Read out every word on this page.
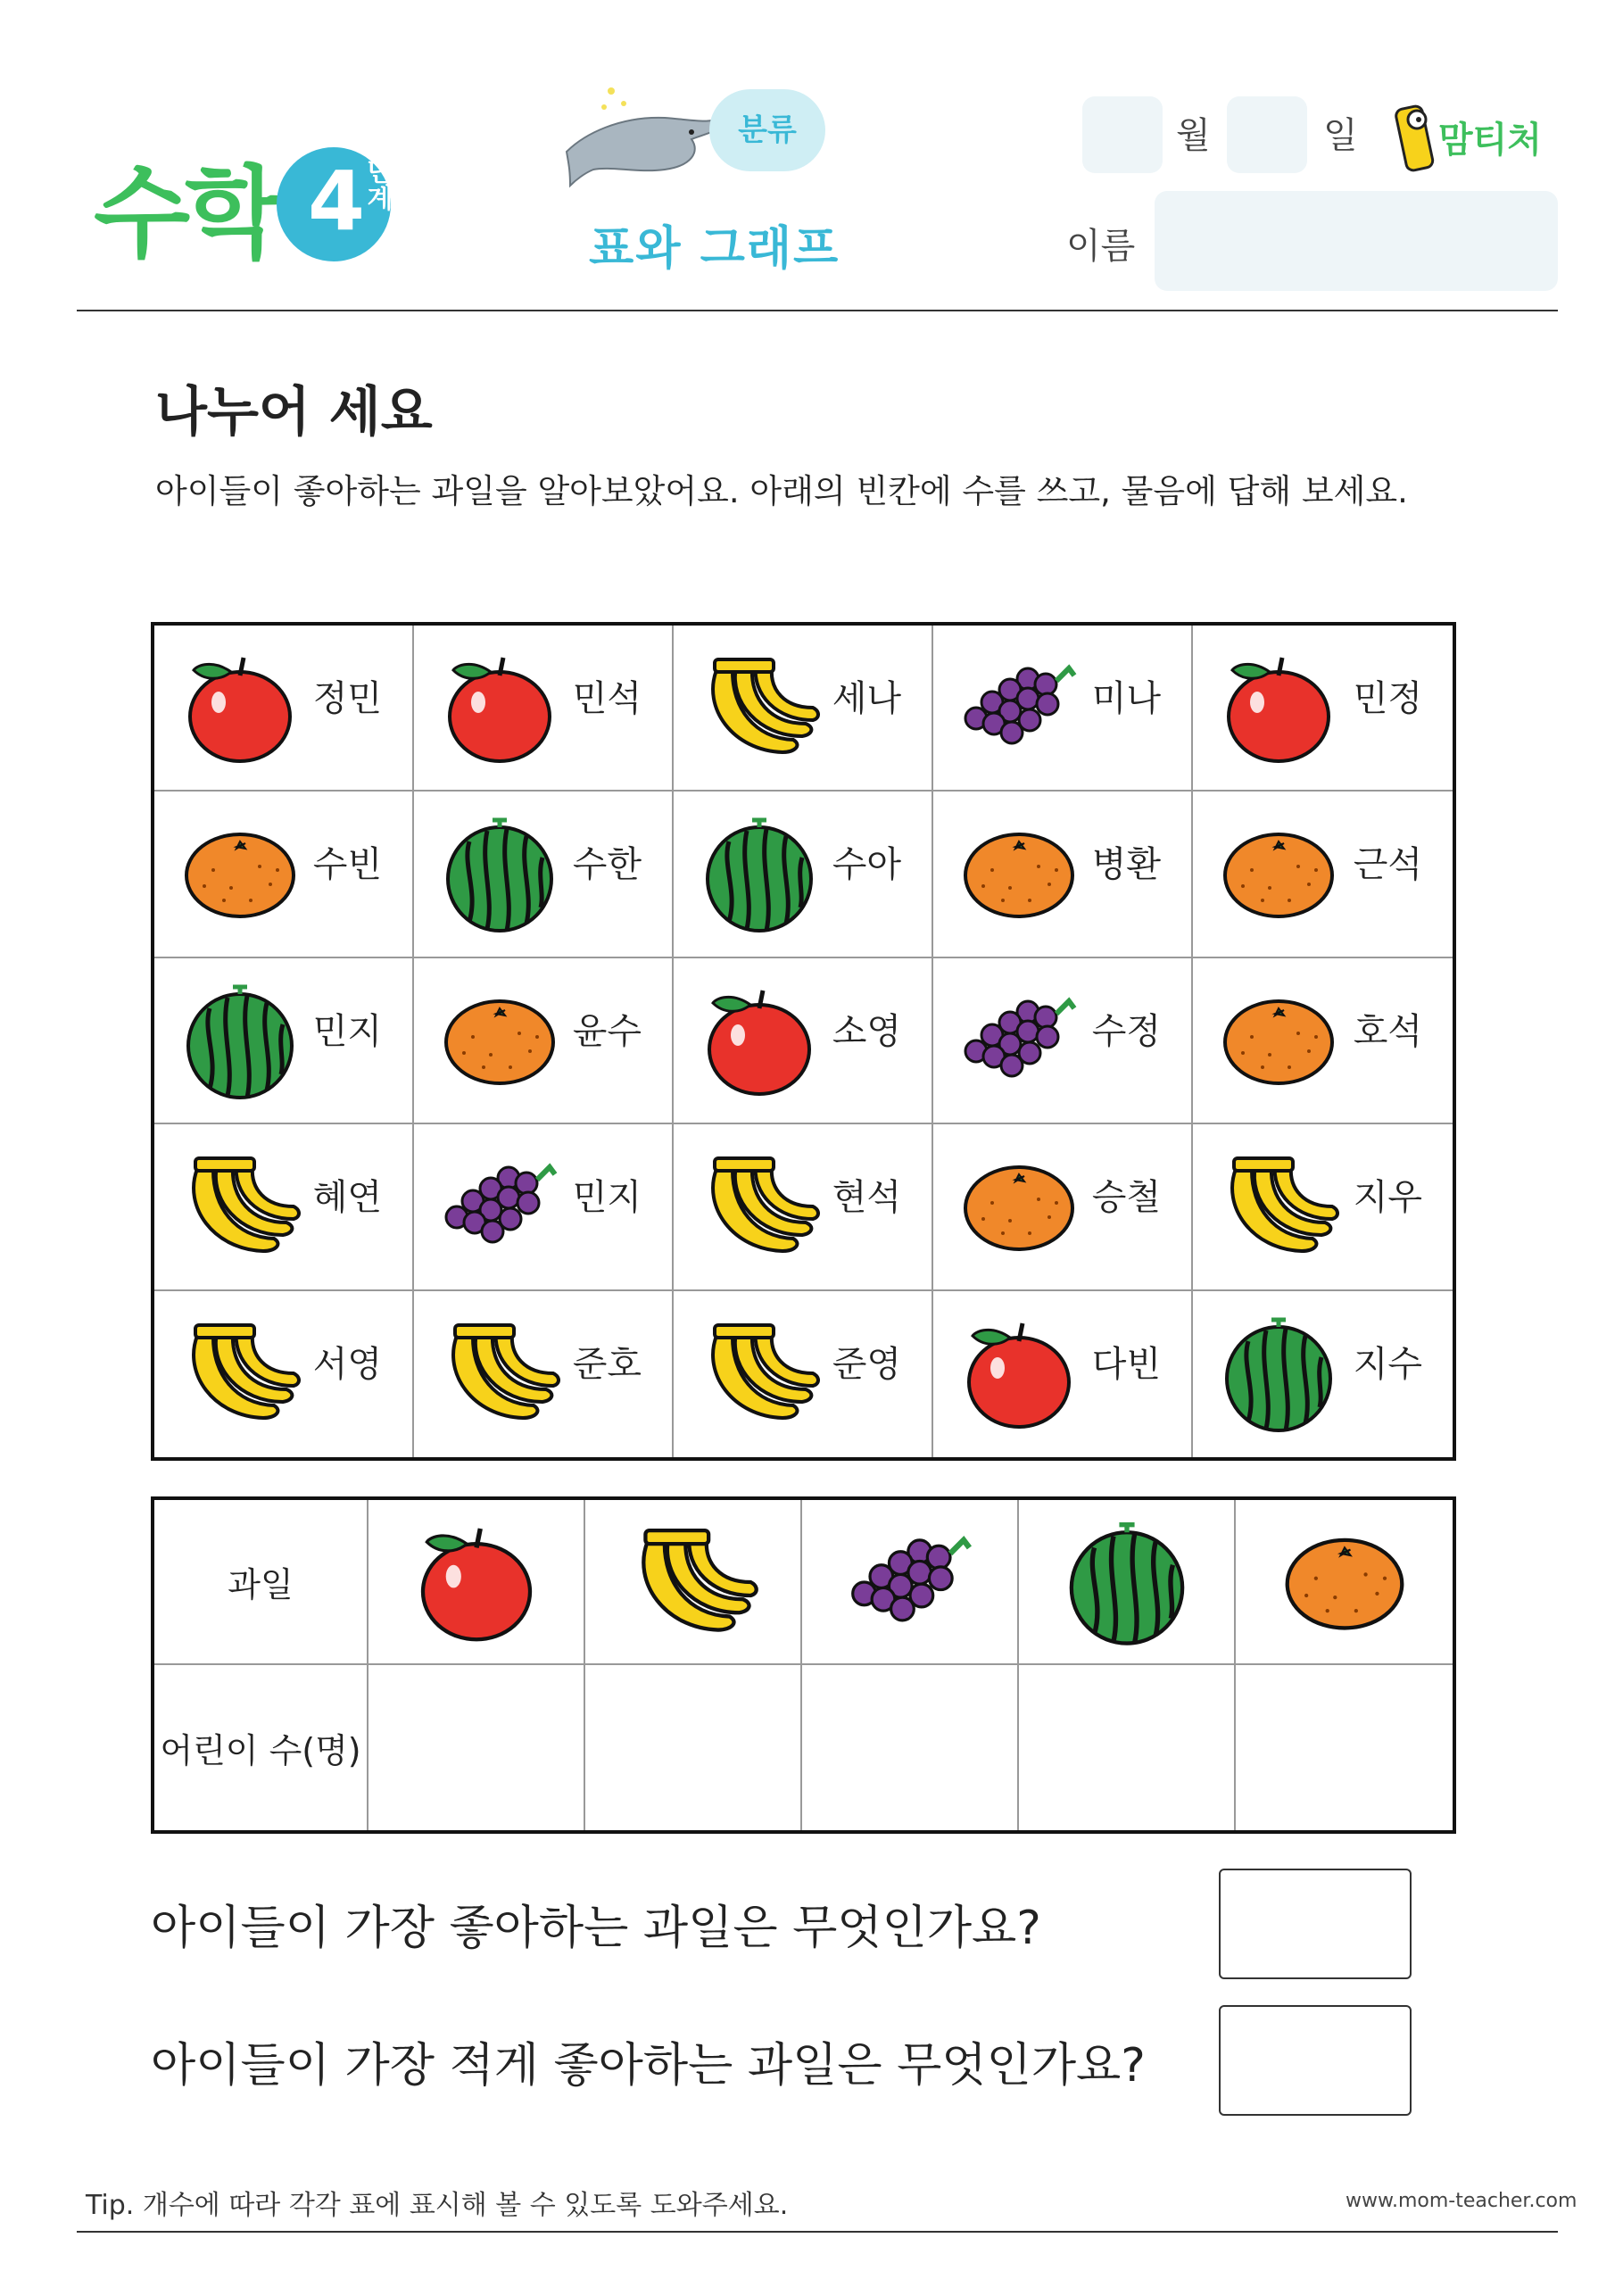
수학 4
단계
분류
표와 그래프
월	일
이름
맘티처
나누어 세요
아이들이 좋아하는 과일을 알아보았어요. 아래의 빈칸에 수를 쓰고, 물음에 답해 보세요.
정민	민석	세나	미나	민정
수빈	수한	수아	병환	근석
민지	윤수	소영	수정	호석
혜연	민지	현석	승철	지우
서영	준호	준영	다빈	지수
과일
어린이 수(명)
아이들이 가장 좋아하는 과일은 무엇인가요?
아이들이 가장 적게 좋아하는 과일은 무엇인가요?
Tip. 개수에 따라 각각 표에 표시해 볼 수 있도록 도와주세요.	www.mom-teacher.com
